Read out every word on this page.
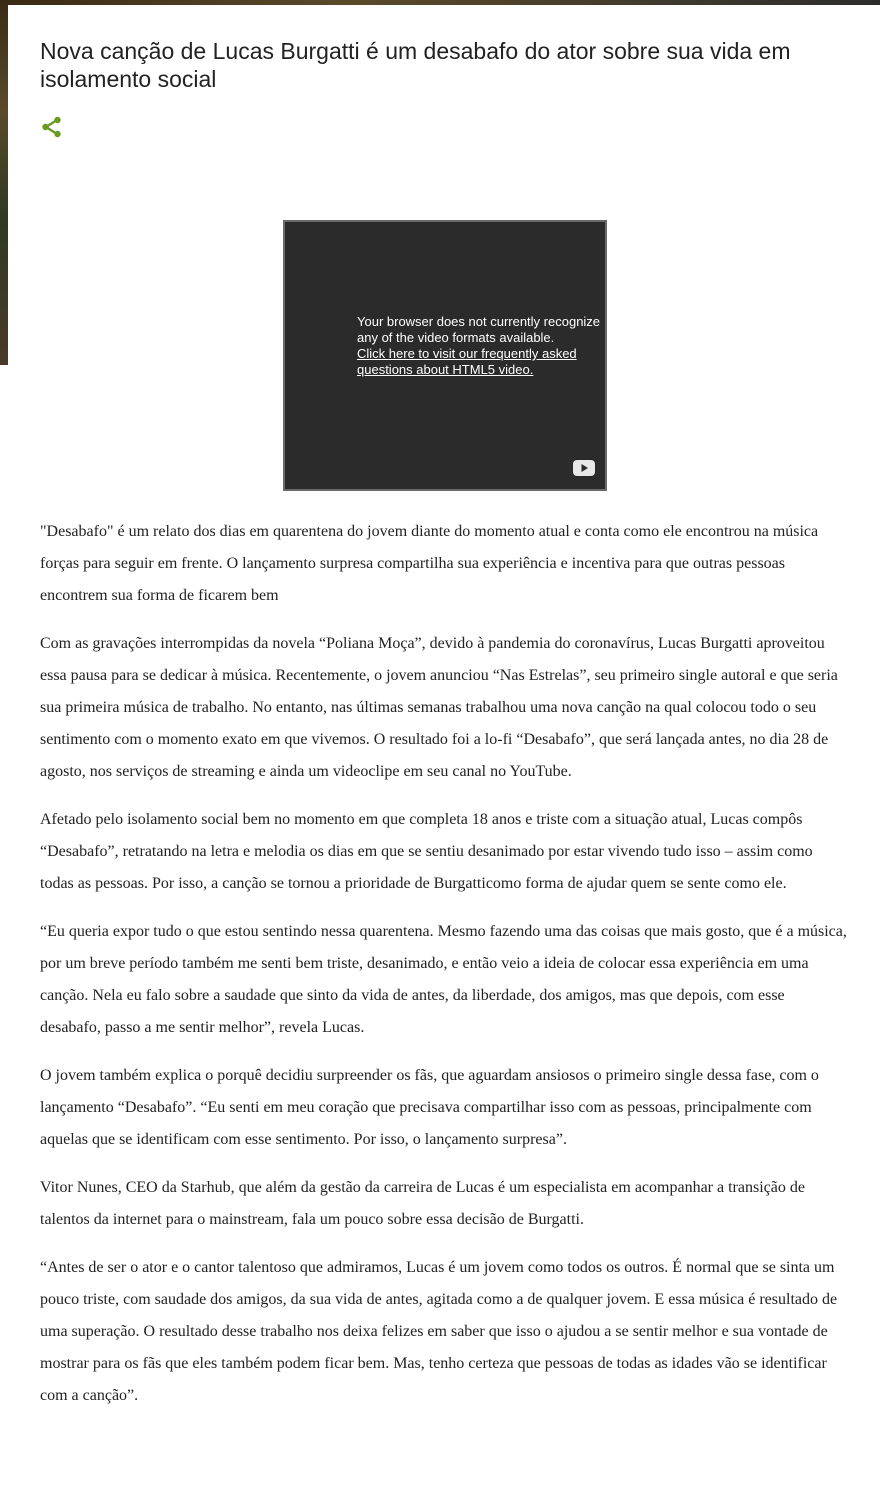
Nova canção de Lucas Burgatti é um desabafo do ator sobre sua vida em isolamento social
Your browser does not currently recognize any of the video formats available.
Click here to visit our frequently asked questions about HTML5 video.

"Desabafo" é um relato dos dias em quarentena do jovem diante do momento atual e conta como ele encontrou na música forças para seguir em frente. O lançamento surpresa compartilha sua experiência e incentiva para que outras pessoas encontrem sua forma de ficarem bem

Com as gravações interrompidas da novela “Poliana Moça”, devido à pandemia do coronavírus, Lucas Burgatti aproveitou essa pausa para se dedicar à música. Recentemente, o jovem anunciou “Nas Estrelas”, seu primeiro single autoral e que seria sua primeira música de trabalho. No entanto, nas últimas semanas trabalhou uma nova canção na qual colocou todo o seu sentimento com o momento exato em que vivemos. O resultado foi a lo-fi “Desabafo”, que será lançada antes, no dia 28 de agosto, nos serviços de streaming e ainda um videoclipe em seu canal no YouTube.

Afetado pelo isolamento social bem no momento em que completa 18 anos e triste com a situação atual, Lucas compôs “Desabafo”, retratando na letra e melodia os dias em que se sentiu desanimado por estar vivendo tudo isso – assim como todas as pessoas. Por isso, a canção se tornou a prioridade de Burgatticomo forma de ajudar quem se sente como ele.

“Eu queria expor tudo o que estou sentindo nessa quarentena. Mesmo fazendo uma das coisas que mais gosto, que é a música, por um breve período também me senti bem triste, desanimado, e então veio a ideia de colocar essa experiência em uma canção. Nela eu falo sobre a saudade que sinto da vida de antes, da liberdade, dos amigos, mas que depois, com esse desabafo, passo a me sentir melhor”, revela Lucas.

O jovem também explica o porquê decidiu surpreender os fãs, que aguardam ansiosos o primeiro single dessa fase, com o lançamento “Desabafo”. “Eu senti em meu coração que precisava compartilhar isso com as pessoas, principalmente com aquelas que se identificam com esse sentimento. Por isso, o lançamento surpresa”.

Vitor Nunes, CEO da Starhub, que além da gestão da carreira de Lucas é um especialista em acompanhar a transição de talentos da internet para o mainstream, fala um pouco sobre essa decisão de Burgatti.

“Antes de ser o ator e o cantor talentoso que admiramos, Lucas é um jovem como todos os outros. É normal que se sinta um pouco triste, com saudade dos amigos, da sua vida de antes, agitada como a de qualquer jovem. E essa música é resultado de uma superação. O resultado desse trabalho nos deixa felizes em saber que isso o ajudou a se sentir melhor e sua vontade de mostrar para os fãs que eles também podem ficar bem. Mas, tenho certeza que pessoas de todas as idades vão se identificar com a canção”.
